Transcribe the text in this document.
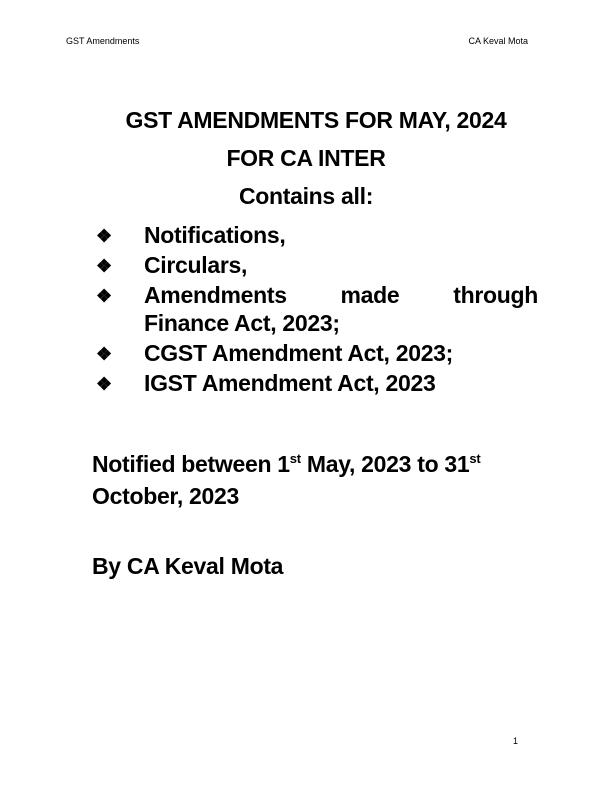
GST Amendments	CA Keval Mota
GST AMENDMENTS FOR MAY, 2024
FOR CA INTER
Contains all:
❖	Notifications,
❖	Circulars,
❖	Amendments made through
Finance Act, 2023;
❖	CGST Amendment Act, 2023;
❖	IGST Amendment Act, 2023
Notified between 1st May, 2023 to 31st
October, 2023
By CA Keval Mota
1
